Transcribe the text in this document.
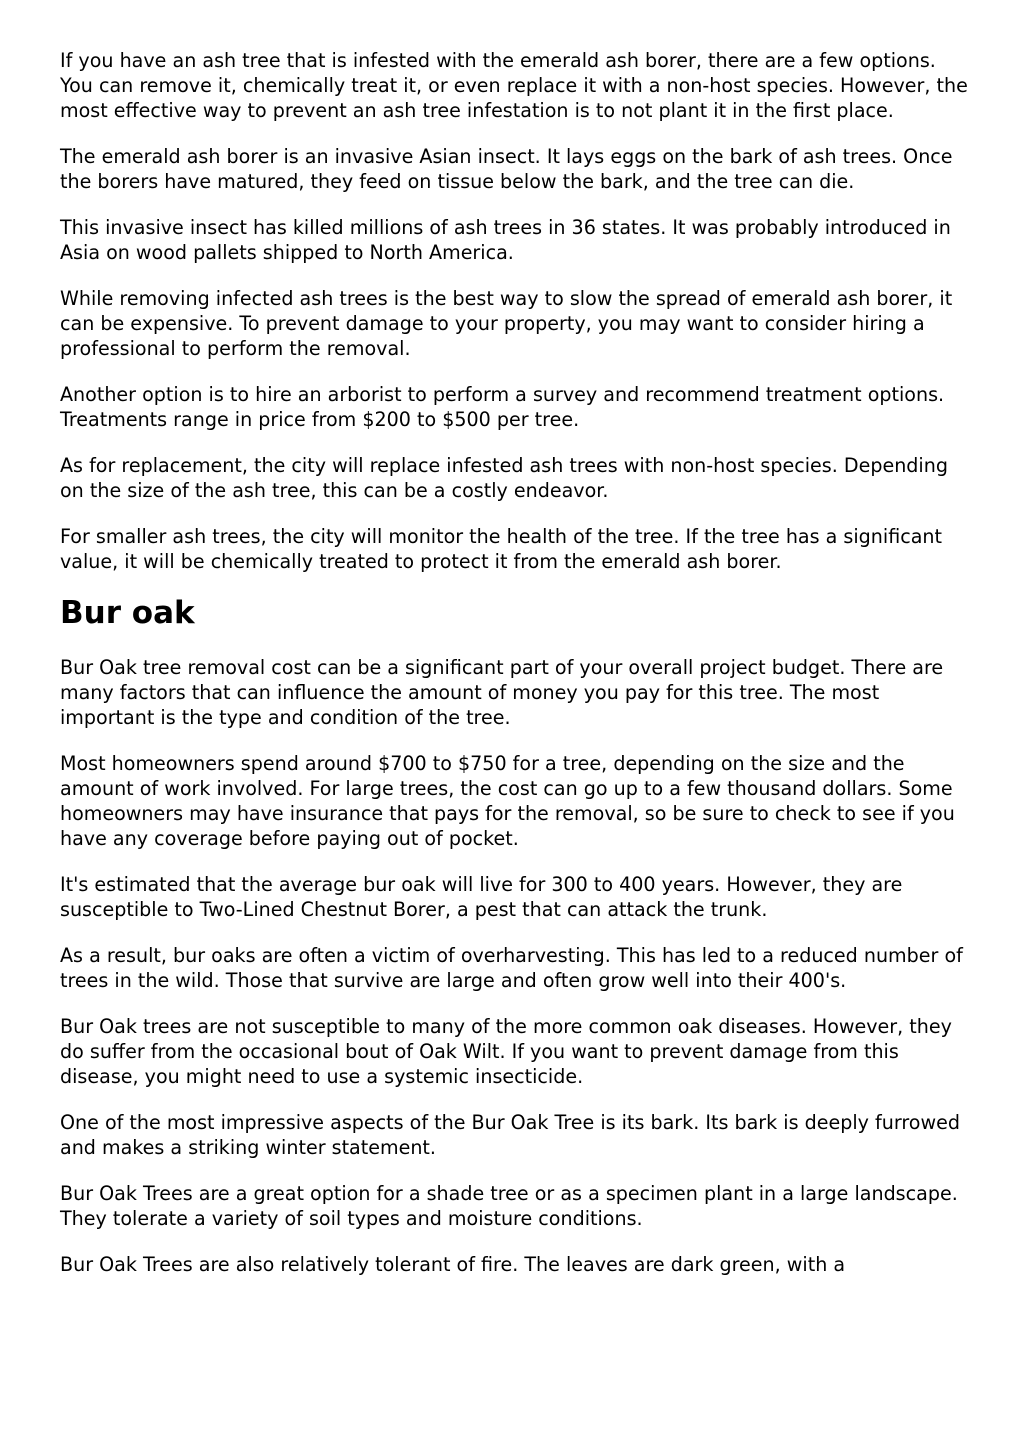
If you have an ash tree that is infested with the emerald ash borer, there are a few options. You can remove it, chemically treat it, or even replace it with a non-host species. However, the most effective way to prevent an ash tree infestation is to not plant it in the first place.

The emerald ash borer is an invasive Asian insect. It lays eggs on the bark of ash trees. Once the borers have matured, they feed on tissue below the bark, and the tree can die.

This invasive insect has killed millions of ash trees in 36 states. It was probably introduced in Asia on wood pallets shipped to North America.

While removing infected ash trees is the best way to slow the spread of emerald ash borer, it can be expensive. To prevent damage to your property, you may want to consider hiring a professional to perform the removal.

Another option is to hire an arborist to perform a survey and recommend treatment options. Treatments range in price from $200 to $500 per tree.

As for replacement, the city will replace infested ash trees with non-host species. Depending on the size of the ash tree, this can be a costly endeavor.

For smaller ash trees, the city will monitor the health of the tree. If the tree has a significant value, it will be chemically treated to protect it from the emerald ash borer.

Bur oak

Bur Oak tree removal cost can be a significant part of your overall project budget. There are many factors that can influence the amount of money you pay for this tree. The most important is the type and condition of the tree.

Most homeowners spend around $700 to $750 for a tree, depending on the size and the amount of work involved. For large trees, the cost can go up to a few thousand dollars. Some homeowners may have insurance that pays for the removal, so be sure to check to see if you have any coverage before paying out of pocket.

It's estimated that the average bur oak will live for 300 to 400 years. However, they are susceptible to Two-Lined Chestnut Borer, a pest that can attack the trunk.

As a result, bur oaks are often a victim of overharvesting. This has led to a reduced number of trees in the wild. Those that survive are large and often grow well into their 400's.

Bur Oak trees are not susceptible to many of the more common oak diseases. However, they do suffer from the occasional bout of Oak Wilt. If you want to prevent damage from this disease, you might need to use a systemic insecticide.

One of the most impressive aspects of the Bur Oak Tree is its bark. Its bark is deeply furrowed and makes a striking winter statement.

Bur Oak Trees are a great option for a shade tree or as a specimen plant in a large landscape. They tolerate a variety of soil types and moisture conditions.

Bur Oak Trees are also relatively tolerant of fire. The leaves are dark green, with a
